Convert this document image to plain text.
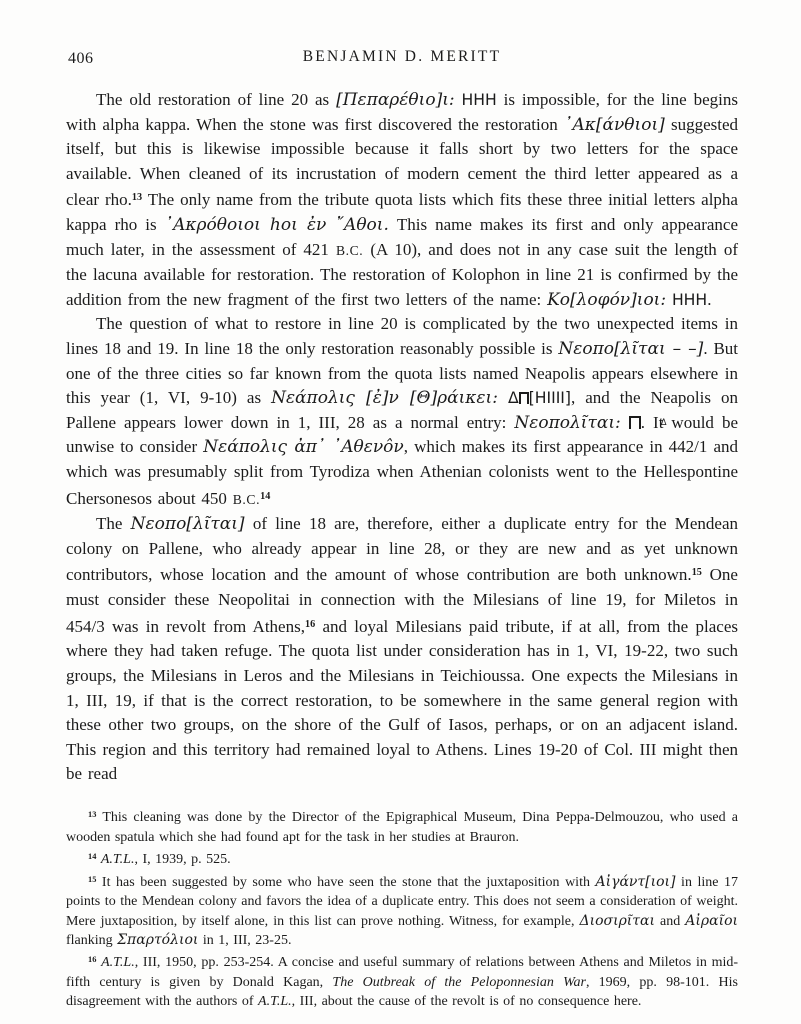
406	BENJAMIN D. MERITT

The old restoration of line 20 as [Πεπαρέθιο]ι: ΗΗΗ is impossible, for the line begins with alpha kappa. When the stone was first discovered the restoration ᾿Ακ[άνθιοι] suggested itself, but this is likewise impossible because it falls short by two letters for the space available. When cleaned of its incrustation of modern cement the third letter appeared as a clear rho.$^{13}$ The only name from the tribute quota lists which fits these three initial letters alpha kappa rho is ᾿Ακρόθοιοι hοι ἐν ῎Αθοι. This name makes its first and only appearance much later, in the assessment of 421 B.C. (A 10), and does not in any case suit the length of the lacuna available for restoration. The restoration of Kolophon in line 21 is confirmed by the addition from the new fragment of the first two letters of the name: Κο[λοφόν]ιοι: ΗΗΗ.

The question of what to restore in line 20 is complicated by the two unexpected items in lines 18 and 19. In line 18 the only restoration reasonably possible is Νεοπο[λῖται – –]. But one of the three cities so far known from the quota lists named Neapolis appears elsewhere in this year (1, VI, 9-10) as Νεάπολις [ἐ]ν [Θ]ράικει: Δ [ΗΙΙΙΙ], and the Neapolis on Pallene appears lower down in 1, III, 28 as a normal entry: Νεοπολῖται: Δ . It would be unwise to consider Νεάπολις ἀπ᾿ ᾿Αθενôν, which makes its first appearance in 442/1 and which was presumably split from Tyrodiza when Athenian colonists went to the Hellespontine Chersonesos about 450 B.C.$^{14}$

The Νεοπο[λῖται] of line 18 are, therefore, either a duplicate entry for the Mendean colony on Pallene, who already appear in line 28, or they are new and as yet unknown contributors, whose location and the amount of whose contribution are both unknown.$^{15}$ One must consider these Neopolitai in connection with the Milesians of line 19, for Miletos in 454/3 was in revolt from Athens,$^{16}$ and loyal Milesians paid tribute, if at all, from the places where they had taken refuge. The quota list under consideration has in 1, VI, 19-22, two such groups, the Milesians in Leros and the Milesians in Teichioussa. One expects the Milesians in 1, III, 19, if that is the correct restoration, to be somewhere in the same general region with these other two groups, on the shore of the Gulf of Iasos, perhaps, or on an adjacent island. This region and this territory had remained loyal to Athens. Lines 19-20 of Col. III might then be read

$^{13}$ This cleaning was done by the Director of the Epigraphical Museum, Dina Peppa-Delmouzou, who used a wooden spatula which she had found apt for the task in her studies at Brauron.

$^{14}$ A.T.L., I, 1939, p. 525.

$^{15}$ It has been suggested by some who have seen the stone that the juxtaposition with Αἰγάντ[ιοι] in line 17 points to the Mendean colony and favors the idea of a duplicate entry. This does not seem a consideration of weight. Mere juxtaposition, by itself alone, in this list can prove nothing. Witness, for example, Διοσιρῖται and Αἰραῖοι flanking Σπαρτόλιοι in 1, III, 23-25.

$^{16}$ A.T.L., III, 1950, pp. 253-254. A concise and useful summary of relations between Athens and Miletos in mid-fifth century is given by Donald Kagan, The Outbreak of the Peloponnesian War, 1969, pp. 98-101. His disagreement with the authors of A.T.L., III, about the cause of the revolt is of no consequence here.
